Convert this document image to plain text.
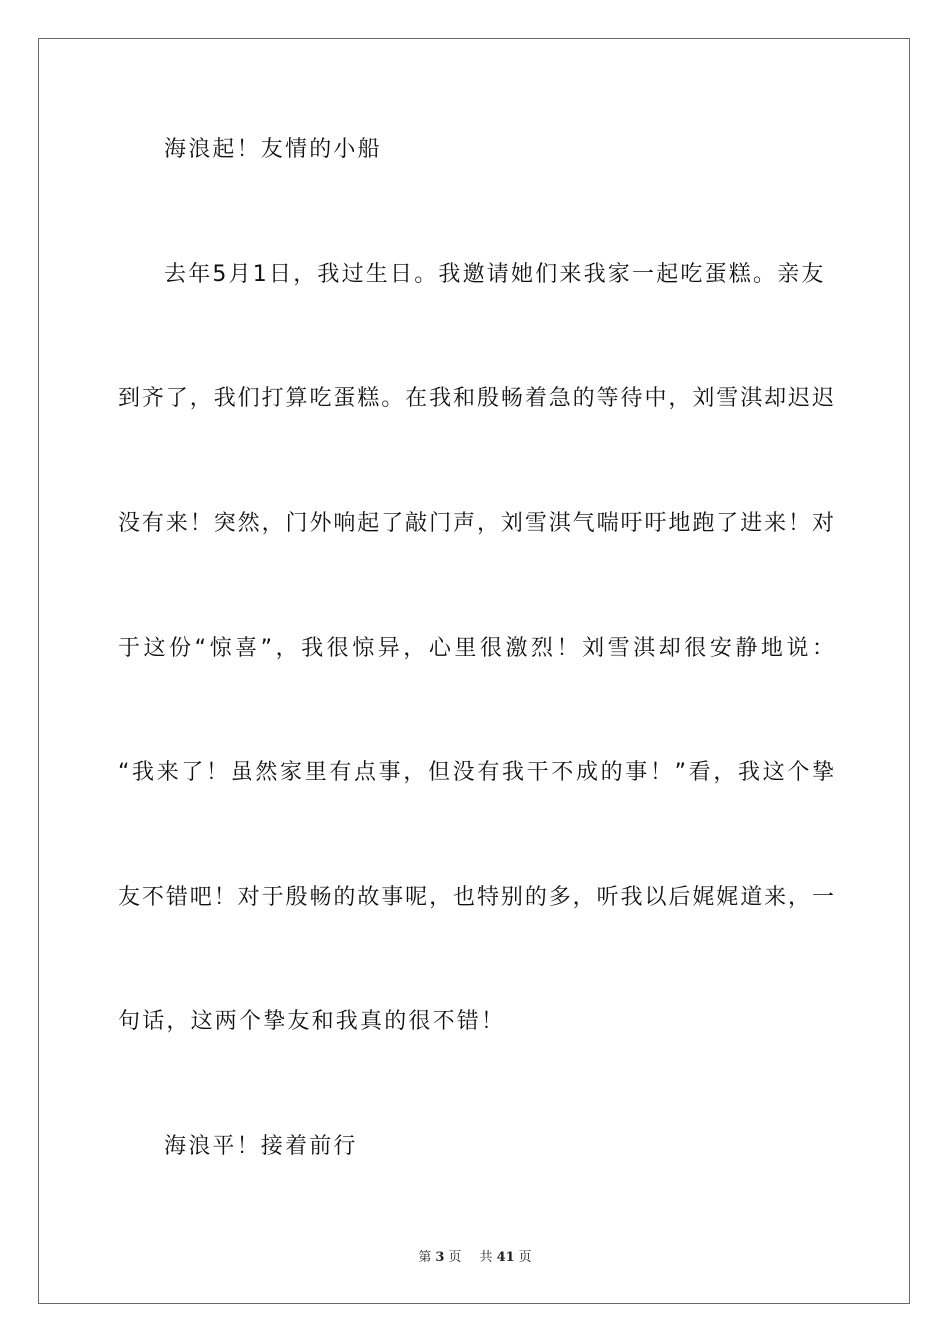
海浪起！友情的小船
去年5月1日，我过生日。我邀请她们来我家一起吃蛋糕。亲友
到齐了，我们打算吃蛋糕。在我和殷畅着急的等待中，刘雪淇却迟迟
没有来！突然，门外响起了敲门声，刘雪淇气喘吁吁地跑了进来！对
于这份“惊喜”，我很惊异，心里很激烈！刘雪淇却很安静地说：
“我来了！虽然家里有点事，但没有我干不成的事！”看，我这个挚
友不错吧！对于殷畅的故事呢，也特别的多，听我以后娓娓道来，一
句话，这两个挚友和我真的很不错！
海浪平！接着前行
第 3 页 共 41 页
